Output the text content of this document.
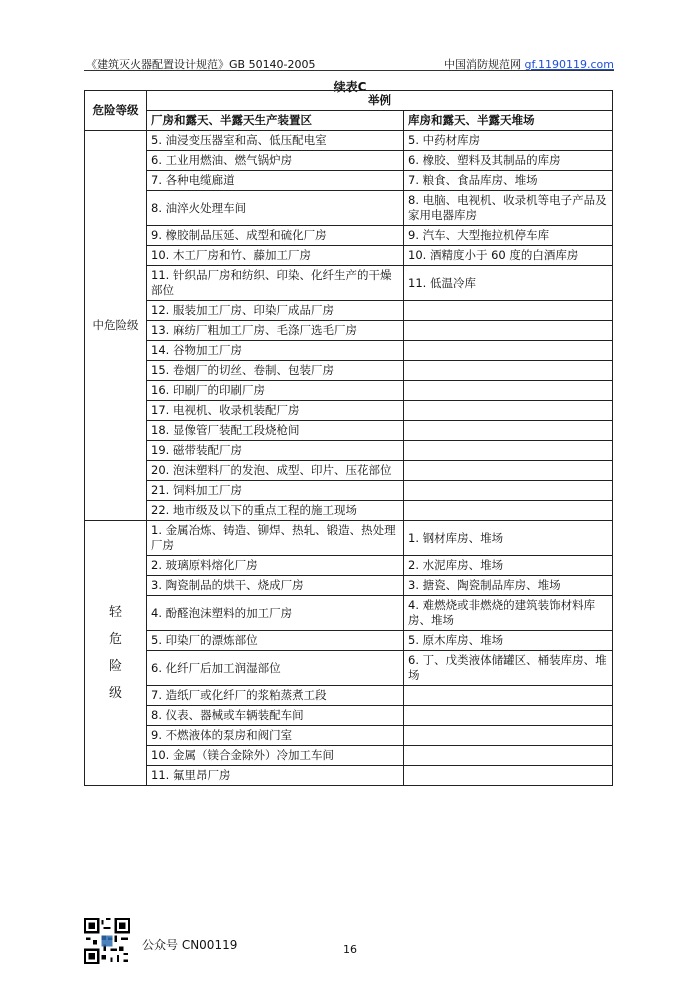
《建筑灭火器配置设计规范》GB 50140-2005	中国消防规范网 gf.1190119.com
续表C
危险等级	举例	
	厂房和露天、半露天生产装置区	库房和露天、半露天堆场
中危险级	5. 油浸变压器室和高、低压配电室	5. 中药材库房
	6. 工业用燃油、燃气锅炉房	6. 橡胶、塑料及其制品的库房
	7. 各种电缆廊道	7. 粮食、食品库房、堆场
	8. 油淬火处理车间	8. 电脑、电视机、收录机等电子产品及家用电器库房
	9. 橡胶制品压延、成型和硫化厂房	9. 汽车、大型拖拉机停车库
	10. 木工厂房和竹、藤加工厂房	10. 酒精度小于 60 度的白酒库房
	11. 针织品厂房和纺织、印染、化纤生产的干燥部位	11. 低温冷库
	12. 服装加工厂房、印染厂成品厂房	
	13. 麻纺厂粗加工厂房、毛涤厂选毛厂房	
	14. 谷物加工厂房	
	15. 卷烟厂的切丝、卷制、包装厂房	
	16. 印刷厂的印刷厂房	
	17. 电视机、收录机装配厂房	
	18. 显像管厂装配工段烧枪间	
	19. 磁带装配厂房	
	20. 泡沫塑料厂的发泡、成型、印片、压花部位	
	21. 饲料加工厂房	
	22. 地市级及以下的重点工程的施工现场	
轻
危
险
级	1. 金属冶炼、铸造、铆焊、热轧、锻造、热处理厂房	1. 钢材库房、堆场
	2. 玻璃原料熔化厂房	2. 水泥库房、堆场
	3. 陶瓷制品的烘干、烧成厂房	3. 搪瓷、陶瓷制品库房、堆场
	4. 酚醛泡沫塑料的加工厂房	4. 难燃烧或非燃烧的建筑装饰材料库房、堆场
	5. 印染厂的漂炼部位	5. 原木库房、堆场
	6. 化纤厂后加工润湿部位	6. 丁、戊类液体储罐区、桶装库房、堆场
	7. 造纸厂或化纤厂的浆粕蒸煮工段	
	8. 仪表、器械或车辆装配车间	
	9. 不燃液体的泵房和阀门室	
	10. 金属（镁合金除外）冷加工车间	
	11. 氟里昂厂房	
公众号 CN00119	16
